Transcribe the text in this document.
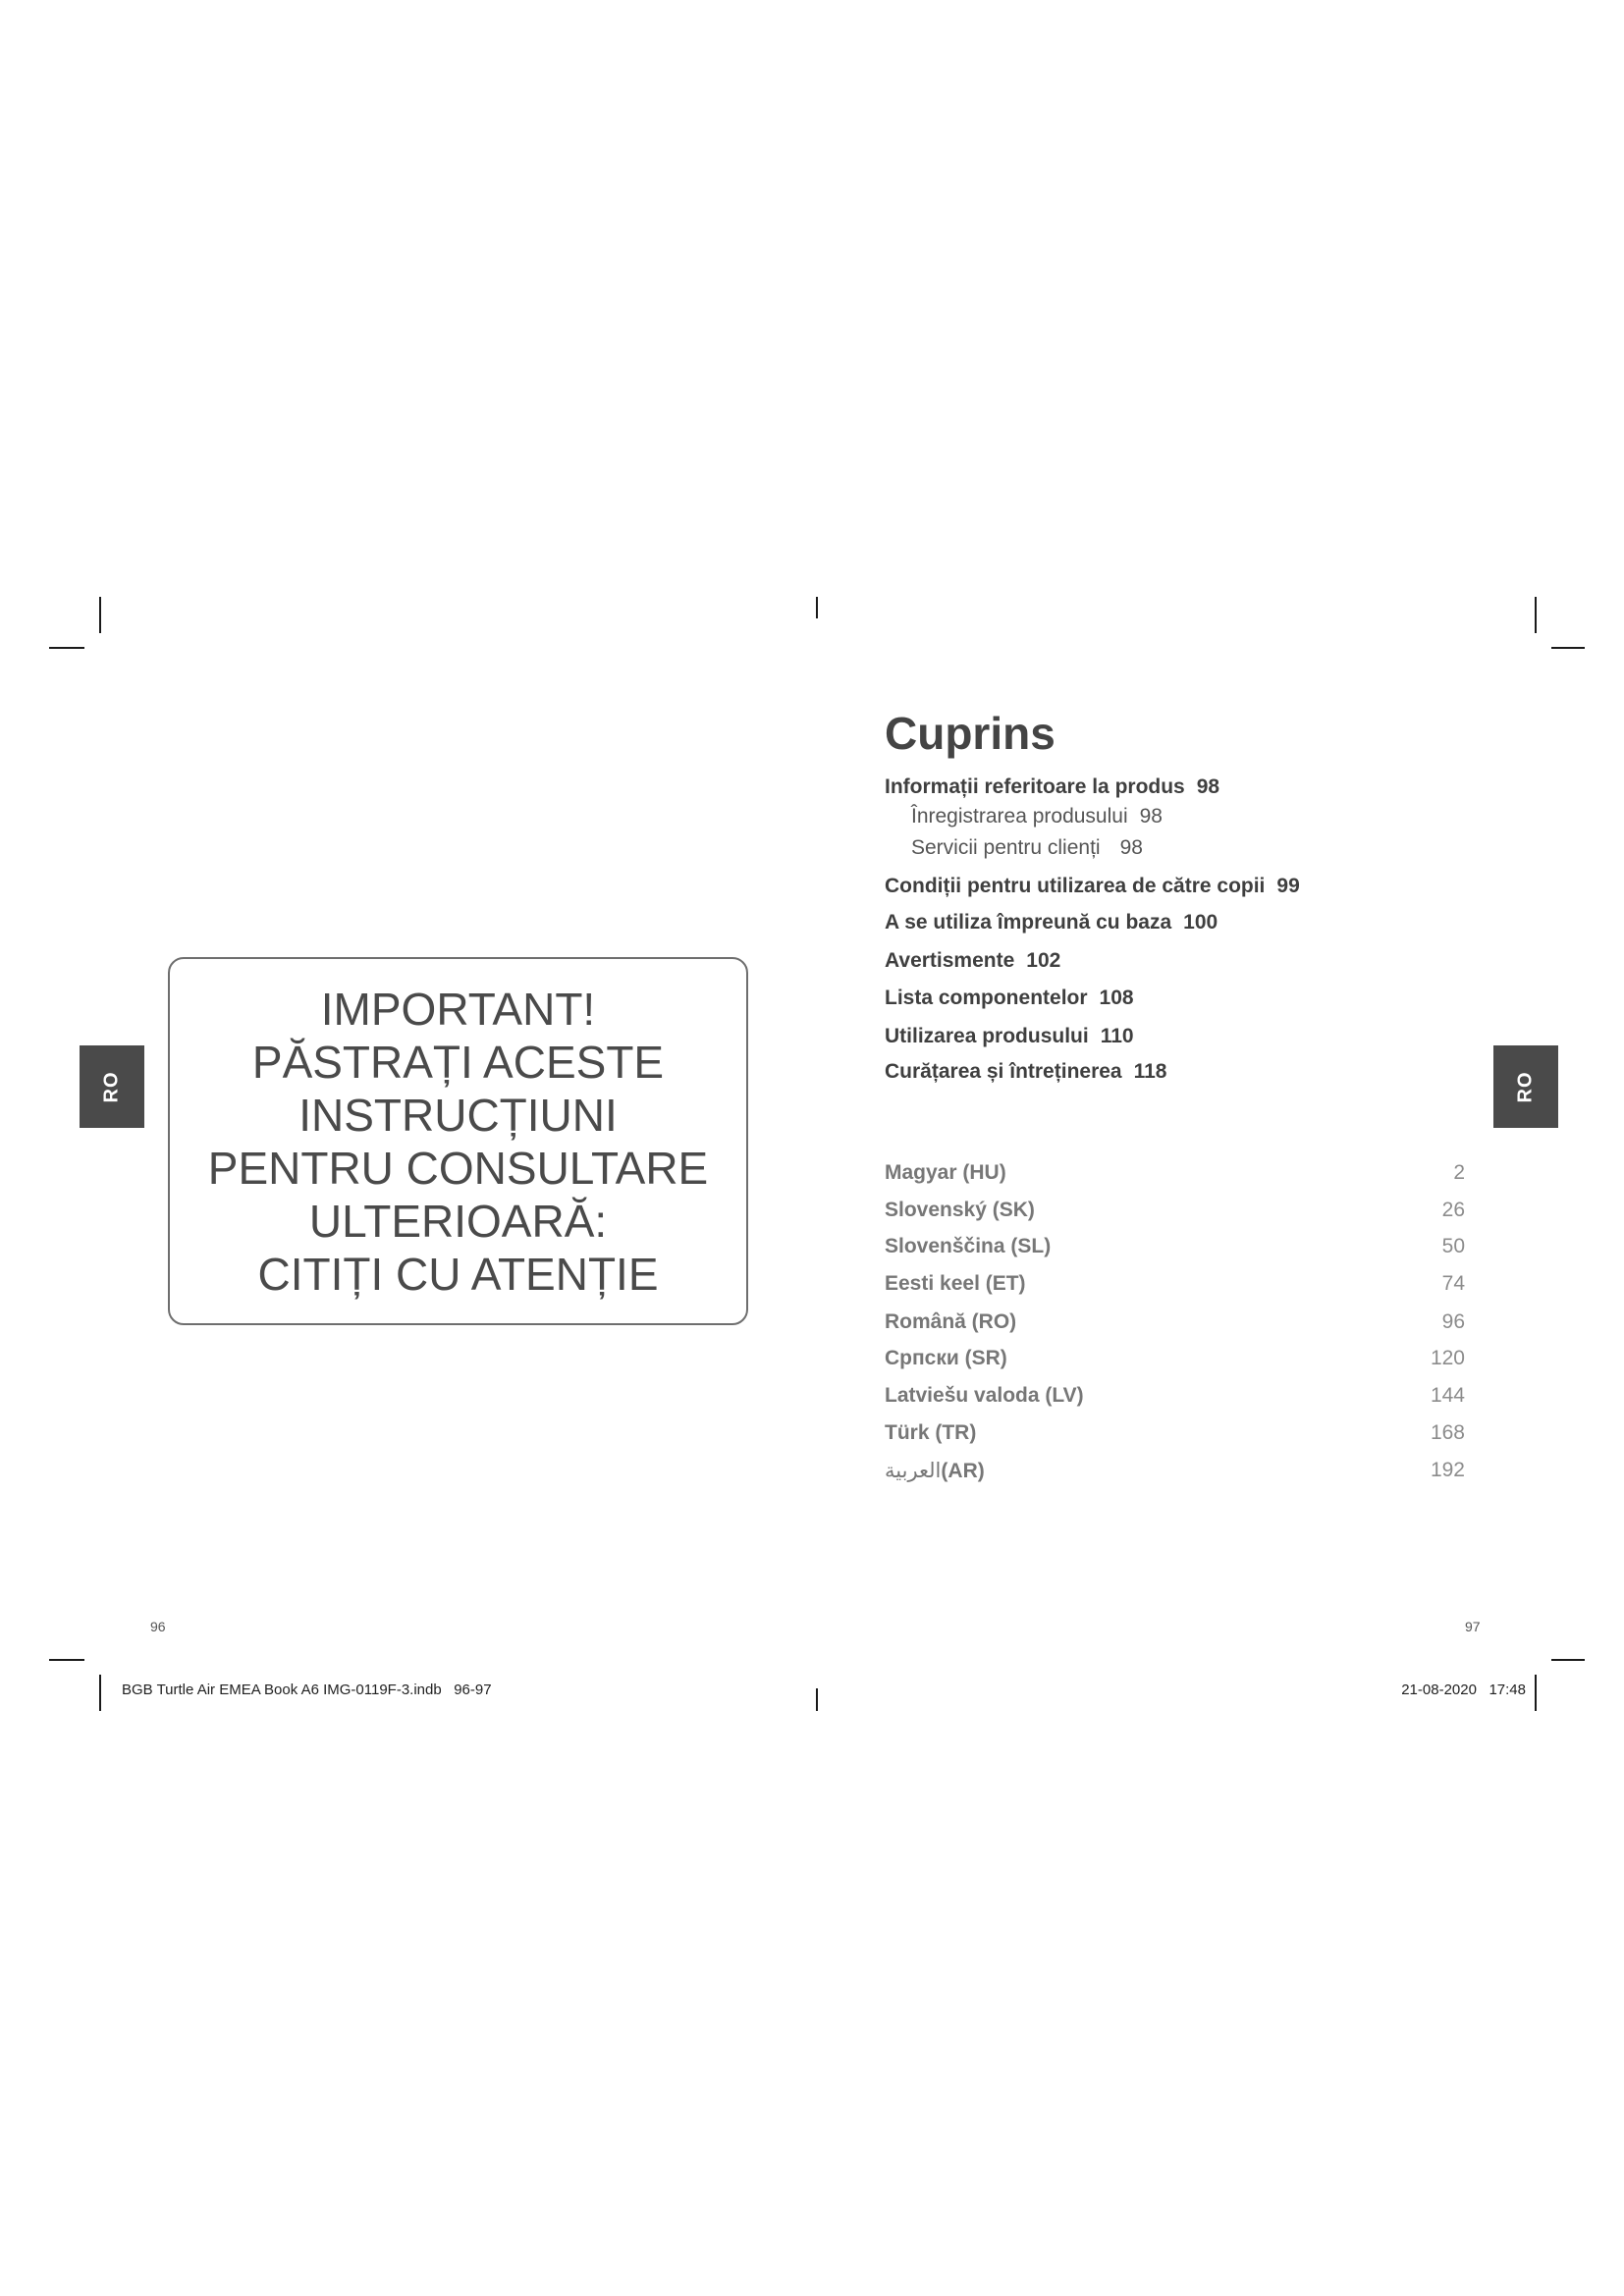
RO
IMPORTANT!
PĂSTRAȚI ACESTE
INSTRUCȚIUNI
PENTRU CONSULTARE
ULTERIOARĂ:
CITIȚI CU ATENȚIE
96
RO
Cuprins
Informații referitoare la produs 98
Înregistrarea produsului 98
Servicii pentru clienți 98
Condiții pentru utilizarea de către copii 99
A se utiliza împreună cu baza 100
Avertismente 102
Lista componentelor 108
Utilizarea produsului 110
Curățarea și întreținerea 118
Magyar (HU)	2
Slovenský (SK)	26
Slovenščina (SL)	50
Eesti keel (ET)	74
Română (RO)	96
Српски (SR)	120
Latviešu valoda (LV)	144
Türk (TR)	168
العربية(AR)	192
97
BGB Turtle Air EMEA Book A6 IMG-0119F-3.indb 96-97	21-08-2020 17:48
